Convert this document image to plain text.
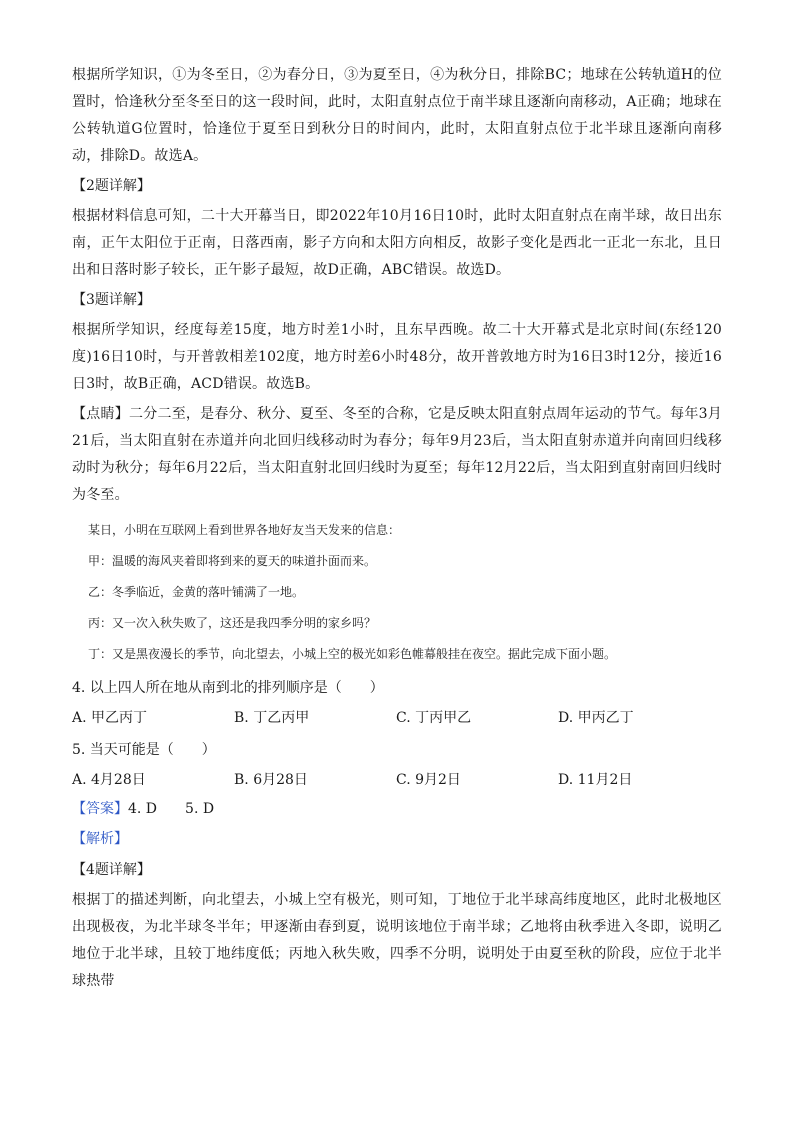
根据所学知识，①为冬至日，②为春分日，③为夏至日，④为秋分日，排除BC；地球在公转轨道H的位置时，恰逢秋分至冬至日的这一段时间，此时，太阳直射点位于南半球且逐渐向南移动，A正确；地球在公转轨道G位置时，恰逢位于夏至日到秋分日的时间内，此时，太阳直射点位于北半球且逐渐向南移动，排除D。故选A。

【2题详解】

根据材料信息可知，二十大开幕当日，即2022年10月16日10时，此时太阳直射点在南半球，故日出东南，正午太阳位于正南，日落西南，影子方向和太阳方向相反，故影子变化是西北一正北一东北，且日出和日落时影子较长，正午影子最短，故D正确，ABC错误。故选D。

【3题详解】

根据所学知识，经度每差15度，地方时差1小时，且东早西晚。故二十大开幕式是北京时间(东经120度)16日10时，与开普敦相差102度，地方时差6小时48分，故开普敦地方时为16日3时12分，接近16日3时，故B正确，ACD错误。故选B。

【点睛】二分二至，是春分、秋分、夏至、冬至的合称，它是反映太阳直射点周年运动的节气。每年3月21后，当太阳直射在赤道并向北回归线移动时为春分；每年9月23后，当太阳直射赤道并向南回归线移动时为秋分；每年6月22后，当太阳直射北回归线时为夏至；每年12月22后，当太阳到直射南回归线时为冬至。

某日，小明在互联网上看到世界各地好友当天发来的信息：

甲：温暖的海风夹着即将到来的夏天的味道扑面而来。

乙：冬季临近，金黄的落叶铺满了一地。

丙：又一次入秋失败了，这还是我四季分明的家乡吗？

丁：又是黑夜漫长的季节，向北望去，小城上空的极光如彩色帷幕般挂在夜空。据此完成下面小题。

4. 以上四人所在地从南到北的排列顺序是（　　）

A. 甲乙丙丁	B. 丁乙丙甲	C. 丁丙甲乙	D. 甲丙乙丁

5. 当天可能是（　　）

A. 4月28日	B. 6月28日	C. 9月2日	D. 11月2日

【答案】4. D　　5. D

【解析】

【4题详解】

根据丁的描述判断，向北望去，小城上空有极光，则可知，丁地位于北半球高纬度地区，此时北极地区出现极夜，为北半球冬半年；甲逐渐由春到夏，说明该地位于南半球；乙地将由秋季进入冬即，说明乙地位于北半球，且较丁地纬度低；丙地入秋失败，四季不分明，说明处于由夏至秋的阶段，应位于北半球热带
